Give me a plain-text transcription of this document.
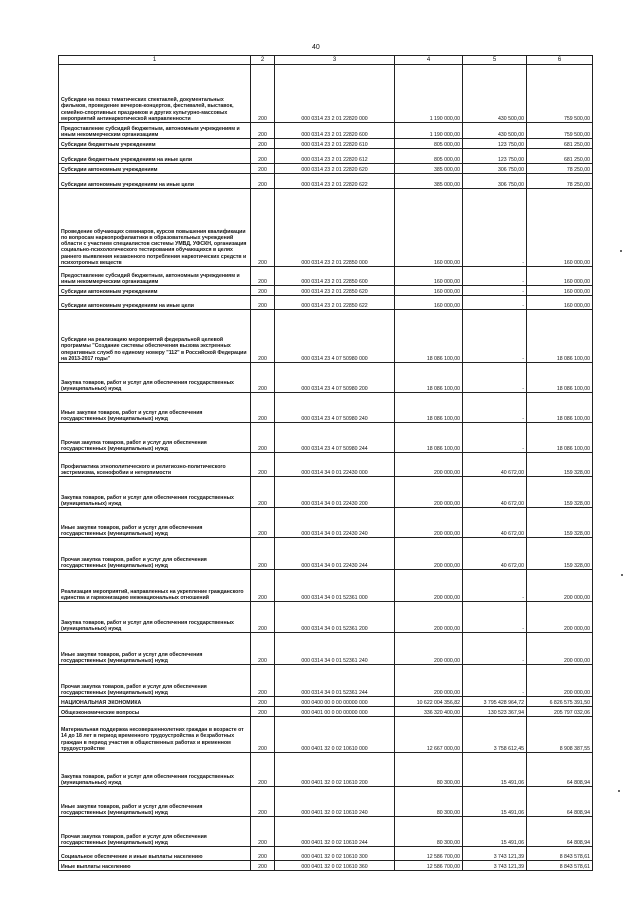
40
1	2	3	4	5	6
Субсидии на показ тематических спектаклей, документальных фильмов, проведение вечеров-концертов, фестивалей, выставок, семейно-спортивных праздников и других культурно-массовых мероприятий антинаркотической направленности	200	000 0314 23 2 01 22820 000	1 190 000,00	430 500,00	759 500,00
Предоставление субсидий бюджетным, автономным учреждениям и иным некоммерческим организациям	200	000 0314 23 2 01 22820 600	1 190 000,00	430 500,00	759 500,00
Субсидии бюджетным учреждениям	200	000 0314 23 2 01 22820 610	805 000,00	123 750,00	681 250,00
Субсидии бюджетным учреждениям на иные цели	200	000 0314 23 2 01 22820 612	805 000,00	123 750,00	681 250,00
Субсидии автономным учреждениям	200	000 0314 23 2 01 22820 620	385 000,00	306 750,00	78 250,00
Субсидии автономным учреждениям на иные цели	200	000 0314 23 2 01 22820 622	385 000,00	306 750,00	78 250,00
Проведение обучающих семинаров, курсов повышения квалификации по вопросам наркопрофилактики в образовательных учреждений области с участием специалистов системы УМВД, УФСКН, организация социально-психологического тестирования обучающихся в целях раннего выявления незаконного потребления наркотических средств и психотропных веществ	200	000 0314 23 2 01 22850 000	160 000,00	-	160 000,00
Предоставление субсидий бюджетным, автономным учреждениям и иным некоммерческим организациям	200	000 0314 23 2 01 22850 600	160 000,00	-	160 000,00
Субсидии автономным учреждениям	200	000 0314 23 2 01 22850 620	160 000,00	-	160 000,00
Субсидии автономным учреждениям на иные цели	200	000 0314 23 2 01 22850 622	160 000,00	-	160 000,00
Субсидии на реализацию мероприятий федеральной целевой программы "Создание системы обеспечения вызова экстренных оперативных служб по единому номеру "112" в Российской Федерации на 2013-2017 годы"	200	000 0314 23 4 07 50980 000	18 086 100,00	-	18 086 100,00
Закупка товаров, работ и услуг для обеспечения государственных (муниципальных) нужд	200	000 0314 23 4 07 50980 200	18 086 100,00	-	18 086 100,00
Иные закупки товаров, работ и услуг для обеспечения государственных (муниципальных) нужд	200	000 0314 23 4 07 50980 240	18 086 100,00	-	18 086 100,00
Прочая закупка товаров, работ и услуг для обеспечения государственных (муниципальных) нужд	200	000 0314 23 4 07 50980 244	18 086 100,00	-	18 086 100,00
Профилактика этнополитического и религиозно-политического экстремизма, ксенофобии и нетерпимости	200	000 0314 34 0 01 22430 000	200 000,00	40 672,00	159 328,00
Закупка товаров, работ и услуг для обеспечения государственных (муниципальных) нужд	200	000 0314 34 0 01 22430 200	200 000,00	40 672,00	159 328,00
Иные закупки товаров, работ и услуг для обеспечения государственных (муниципальных) нужд	200	000 0314 34 0 01 22430 240	200 000,00	40 672,00	159 328,00
Прочая закупка товаров, работ и услуг для обеспечения государственных (муниципальных) нужд	200	000 0314 34 0 01 22430 244	200 000,00	40 672,00	159 328,00
Реализация мероприятий, направленных на укрепление гражданского единства и гармонизацию межнациональных отношений	200	000 0314 34 0 01 52361 000	200 000,00	-	200 000,00
Закупка товаров, работ и услуг для обеспечения государственных (муниципальных) нужд	200	000 0314 34 0 01 52361 200	200 000,00	-	200 000,00
Иные закупки товаров, работ и услуг для обеспечения государственных (муниципальных) нужд	200	000 0314 34 0 01 52361 240	200 000,00	-	200 000,00
Прочая закупка товаров, работ и услуг для обеспечения государственных (муниципальных) нужд	200	000 0314 34 0 01 52361 244	200 000,00	-	200 000,00
НАЦИОНАЛЬНАЯ ЭКОНОМИКА	200	000 0400 00 0 00 00000 000	10 622 004 356,82	3 795 428 964,72	6 826 575 391,50
Общеэкономические вопросы	200	000 0401 00 0 00 00000 000	336 320 400,00	130 523 367,94	205 797 032,06
Материальная поддержка несовершеннолетних граждан в возрасте от 14 до 18 лет в период временного трудоустройства и безработных граждан в период участия в общественных работах и временном трудоустройстве	200	000 0401 32 0 02 10610 000	12 667 000,00	3 758 612,45	8 908 387,55
Закупка товаров, работ и услуг для обеспечения государственных (муниципальных) нужд	200	000 0401 32 0 02 10610 200	80 300,00	15 491,06	64 808,94
Иные закупки товаров, работ и услуг для обеспечения государственных (муниципальных) нужд	200	000 0401 32 0 02 10610 240	80 300,00	15 491,06	64 808,94
Прочая закупка товаров, работ и услуг для обеспечения государственных (муниципальных) нужд	200	000 0401 32 0 02 10610 244	80 300,00	15 491,06	64 808,94
Социальное обеспечение и иные выплаты населению	200	000 0401 32 0 02 10610 300	12 586 700,00	3 743 121,39	8 843 578,61
Иные выплаты населению	200	000 0401 32 0 02 10610 360	12 586 700,00	3 743 121,39	8 843 578,61
